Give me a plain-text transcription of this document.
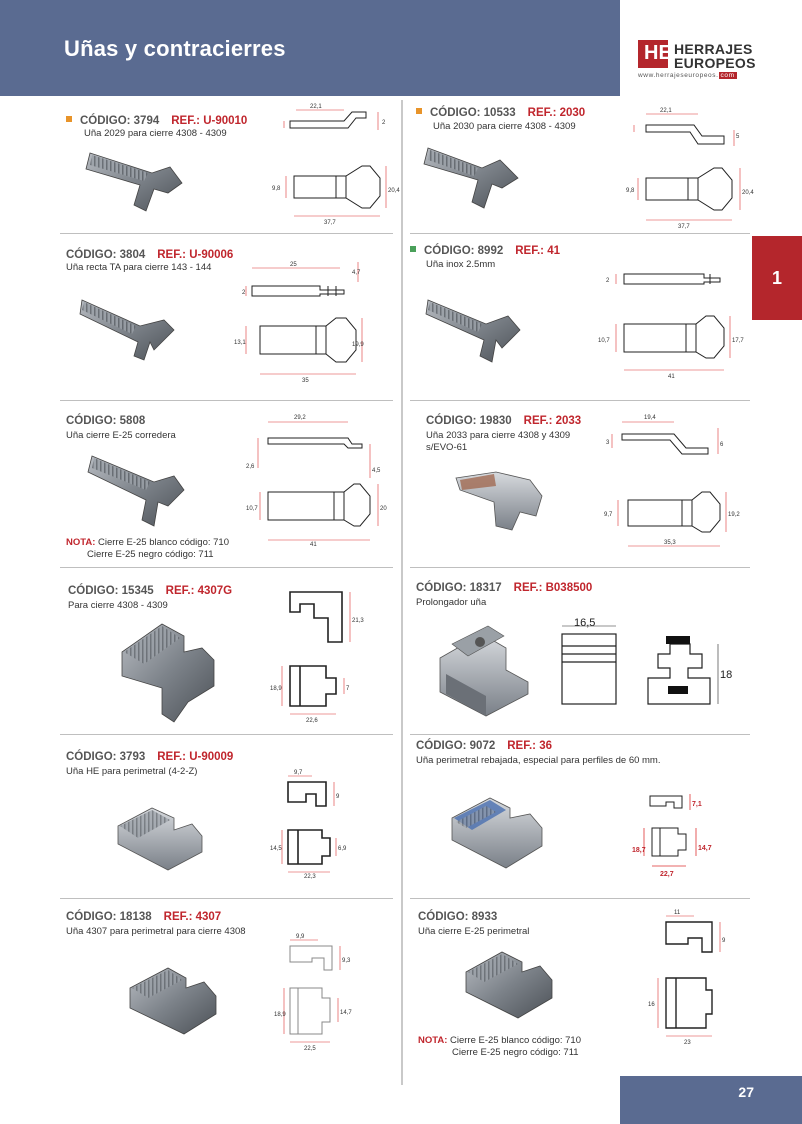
Uñas y contracierres	HE HERRAJES
EUROPEOS
www.herrajeseuropeos. com
1
27
CÓDIGO: 3794 REF.: U-90010
Uña 2029 para cierre 4308 - 4309
22,1
2
9,8	20,4
37,7
CÓDIGO: 10533 REF.: 2030
Uña 2030 para cierre 4308 - 4309
22,1
5
9,8	20,4
37,7
CÓDIGO: 3804 REF.: U-90006
Uña recta TA para cierre 143 - 144	25
4,7
2
13,1	19,9
35
CÓDIGO: 8992 REF.: 41
Uña inox 2.5mm
2
10,7	17,7
41
CÓDIGO: 5808
Uña cierre E-25 corredera
29,2
2,6
4,5
10,7	20
41
NOTA: Cierre E-25 blanco código: 710
Cierre E-25 negro código: 711
CÓDIGO: 19830 REF.: 2033
Uña 2033 para cierre 4308 y 4309
s/EVO-61
19,4
3	6
9,7	19,2
35,3
CÓDIGO: 15345 REF.: 4307G
Para cierre 4308 - 4309
21,3
18,9	7
22,6
CÓDIGO: 18317 REF.: B038500
Prolongador uña
16,5
18
CÓDIGO: 3793 REF.: U-90009
Uña HE para perimetral (4-2-Z)	9,7
9
14,5	6,9
22,3
CÓDIGO: 9072 REF.: 36
Uña perimetral rebajada, especial para perfiles de 60 mm.
7,1
18,7	14,7
22,7
CÓDIGO: 18138 REF.: 4307
Uña 4307 para perimetral para cierre 4308	9,9
9,3
18,9	14,7
22,5
CÓDIGO: 8933
Uña cierre E-25 perimetral
11
9
16
23
NOTA: Cierre E-25 blanco código: 710
Cierre E-25 negro código: 711
